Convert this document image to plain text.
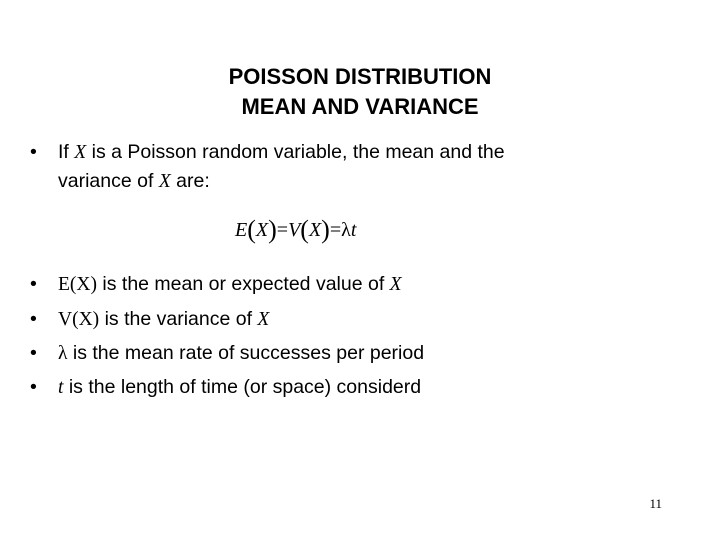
POISSON DISTRIBUTION
MEAN AND VARIANCE
•	If X is a Poisson random variable, the mean and the
variance of X are:
E(X)=V(X)=λt
•	E(X) is the mean or expected value of X
•	V(X) is the variance of X
•	λ is the mean rate of successes per period
•	t is the length of time (or space) considerd
11
